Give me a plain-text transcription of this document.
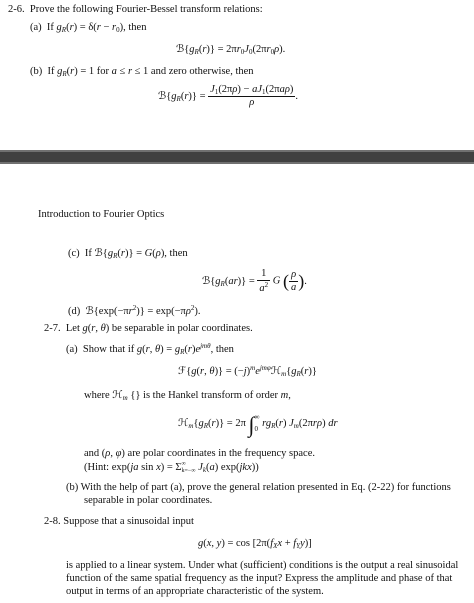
2-6.  Prove the following Fourier-Bessel transform relations:
(a)  If $g_R(r) = \delta(r - r_0)$, then
$ℬ\{g_R(r)\} = 2\pi r_0J_0(2\pi r_0\rho)$.
(b)  If $g_R(r) = 1$ for a ≤ r ≤ 1 and zero otherwise, then
$ℬ\{g_R(r)\} = \frac{J_1(2\pi\rho) - aJ_1(2\pi a\rho)}{\rho}$ .
Introduction to Fourier Optics
(c)  If $ℬ\{g_R(r)\} = G(\rho)$, then
$ℬ\{g_R(ar)\} = \frac{1}{a^2}$ G ( $\frac{\rho}{a}$ ).
(d)  $ℬ\{\exp(-\pi r^2)\} = \exp(-\pi\rho^2)$.
2-7.  Let g(r, θ) be separable in polar coordinates.
(a)  Show that if g(r, $\theta) = g_R(r)e^{jm\theta}$, then
ℱ{g(r, $\theta)\} = (-j)^me^{jm\varphi}ℋ_m\{g_R(r)\}$
where ℋ$_m$ {} is the Hankel transform of order m,
$ℋ_m\{g_R(r)\} = 2\pi$ ∫ ∞
0 $rg_R(r)$ $J_m(2\pi r\rho)$ dr
and (ρ, φ) are polar coordinates in the frequency space.
(Hint: exp(ja sin x) = Σ ∞
k=−∞ $J_k(a)$ exp(jkx))
(b) With the help of part (a), prove the general relation presented in Eq. (2-22) for functions
separable in polar coordinates.
2-8. Suppose that a sinusoidal input
g(x, $y) = \cos [2\pi(f_Xx + f_Yy)]$
is applied to a linear system. Under what (sufficient) conditions is the output a real sinusoidal
function of the same spatial frequency as the input? Express the amplitude and phase of that
output in terms of an appropriate characteristic of the system.
